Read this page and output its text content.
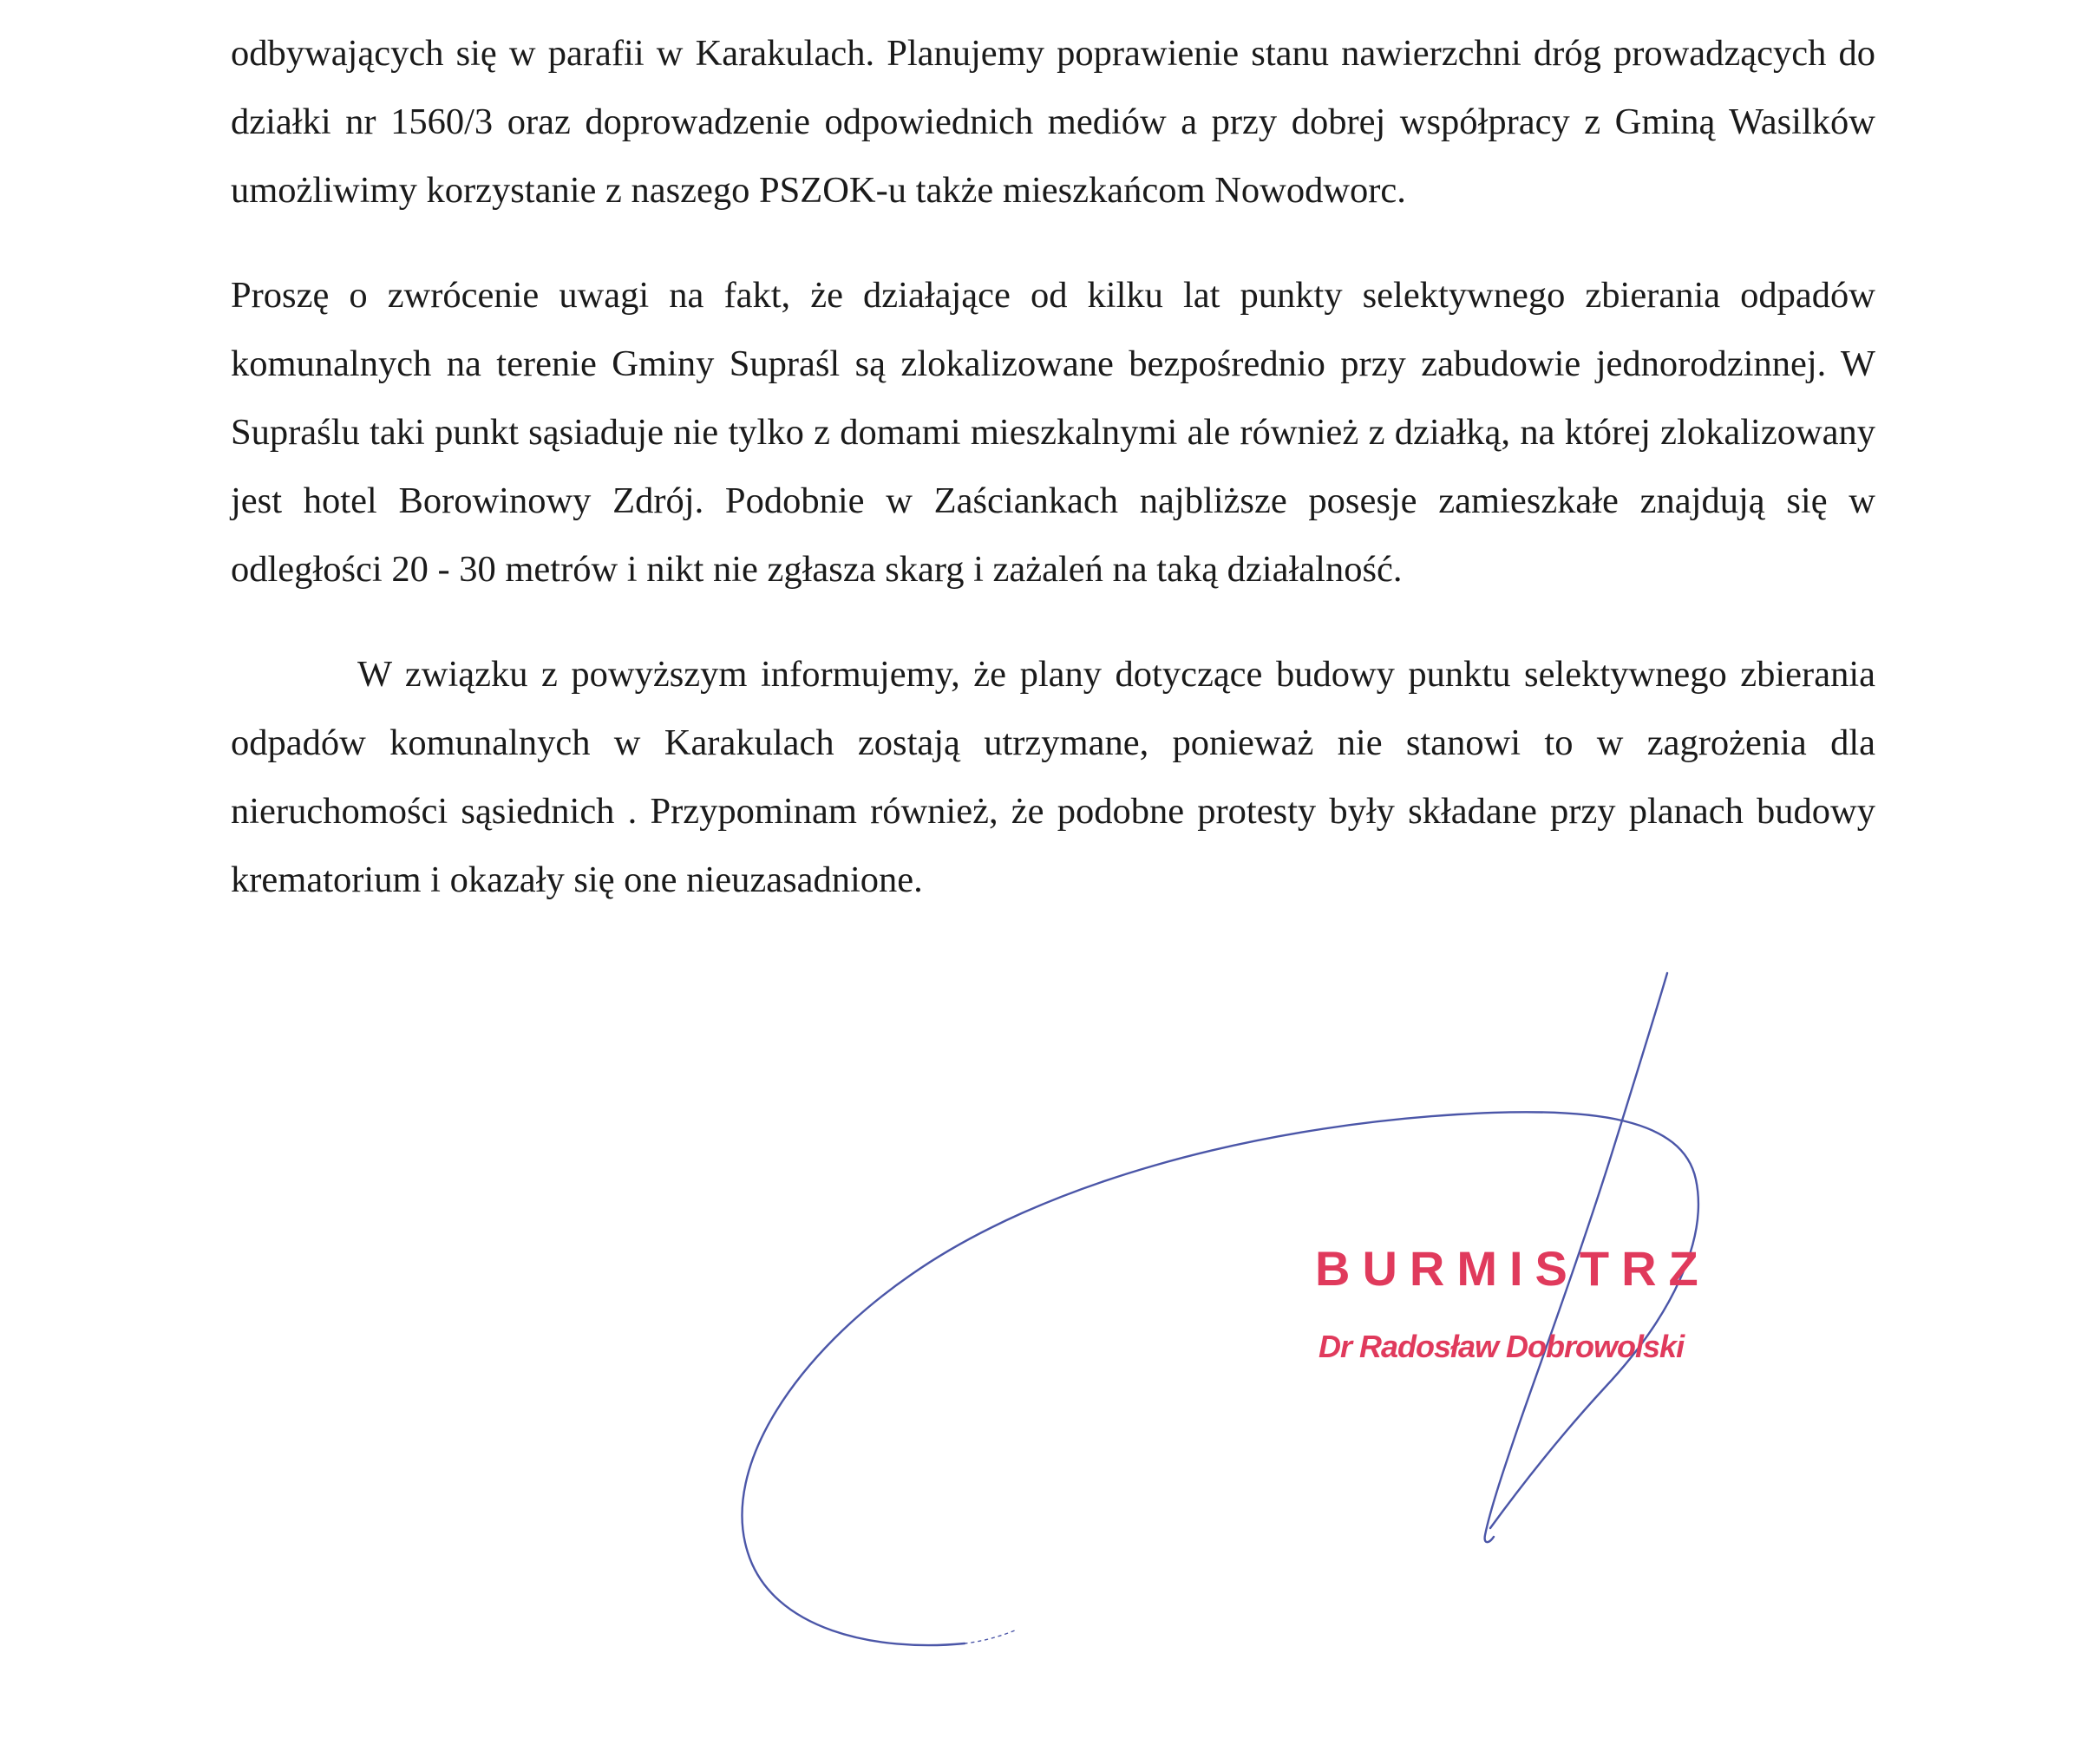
odbywających się w parafii w Karakulach. Planujemy poprawienie stanu nawierzchni dróg prowadzących do działki nr 1560/3 oraz doprowadzenie odpowiednich mediów a przy dobrej współpracy z Gminą Wasilków umożliwimy korzystanie z naszego PSZOK-u także mieszkańcom Nowodworc.

Proszę o zwrócenie uwagi na fakt, że działające od kilku lat punkty selektywnego zbierania odpadów komunalnych na terenie Gminy Supraśl są zlokalizowane bezpośrednio przy zabudowie jednorodzinnej. W Supraślu taki punkt sąsiaduje nie tylko z domami mieszkalnymi ale również z działką, na której zlokalizowany jest hotel Borowinowy Zdrój. Podobnie w Zaściankach najbliższe posesje zamieszkałe znajdują się w odległości 20 - 30 metrów i nikt nie zgłasza skarg i zażaleń na taką działalność.

W związku z powyższym informujemy, że plany dotyczące budowy punktu selektywnego zbierania odpadów komunalnych w Karakulach zostają utrzymane, ponieważ nie stanowi to w zagrożenia dla nieruchomości sąsiednich . Przypominam również, że podobne protesty były składane przy planach budowy krematorium i okazały się one nieuzasadnione.

BURMISTRZ
Dr Radosław Dobrowolski
